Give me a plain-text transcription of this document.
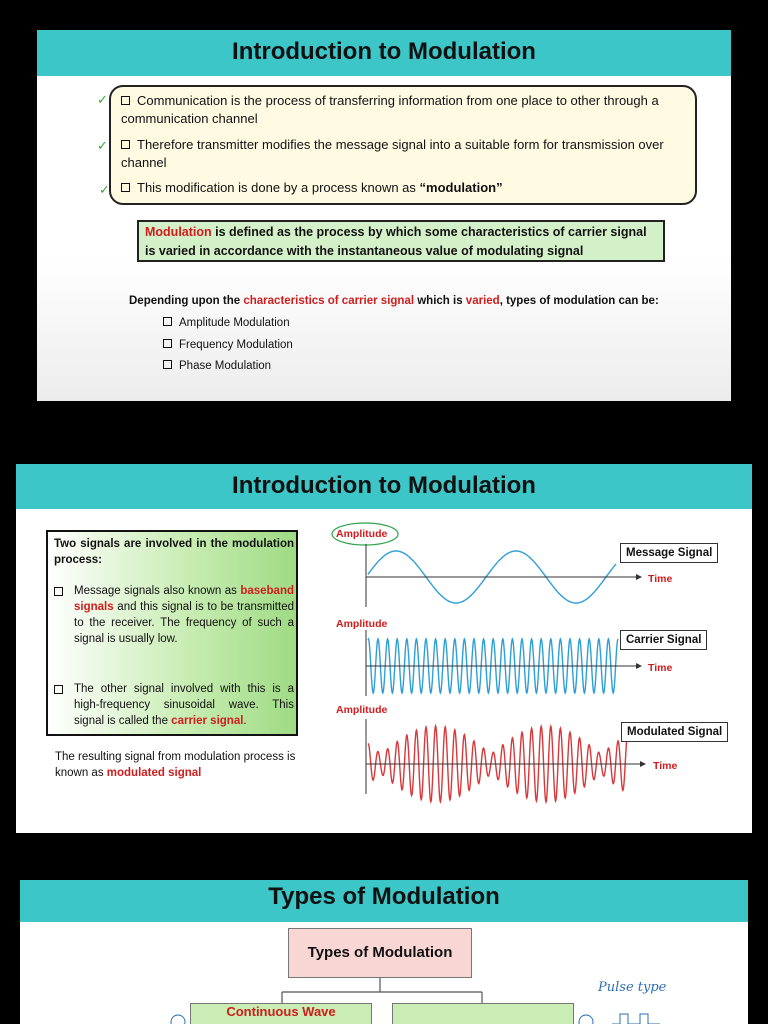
Introduction to Modulation
Communication is the process of transferring information from one place to other through a communication channel
Therefore transmitter modifies the message signal into a suitable form for transmission over channel
This modification is done by a process known as “modulation”
✓
✓
✓
Modulation is defined as the process by which some characteristics of carrier signal is varied in accordance with the instantaneous value of modulating signal
Depending upon the characteristics of carrier signal which is varied, types of modulation can be:
Amplitude Modulation
Frequency Modulation
Phase Modulation
Introduction to Modulation
Two signals are involved in the modulation process:
Message signals also known as baseband signals and this signal is to be transmitted to the receiver. The frequency of such a signal is usually low.
The other signal involved with this is a high-frequency sinusoidal wave. This signal is called the carrier signal.
The resulting signal from modulation process is known as modulated signal
Amplitude
Amplitude
Amplitude
Time
Time
Time
Message Signal
Carrier Signal
Modulated Signal
Types of Modulation
Types of Modulation
Continuous Wave
Pulse type
